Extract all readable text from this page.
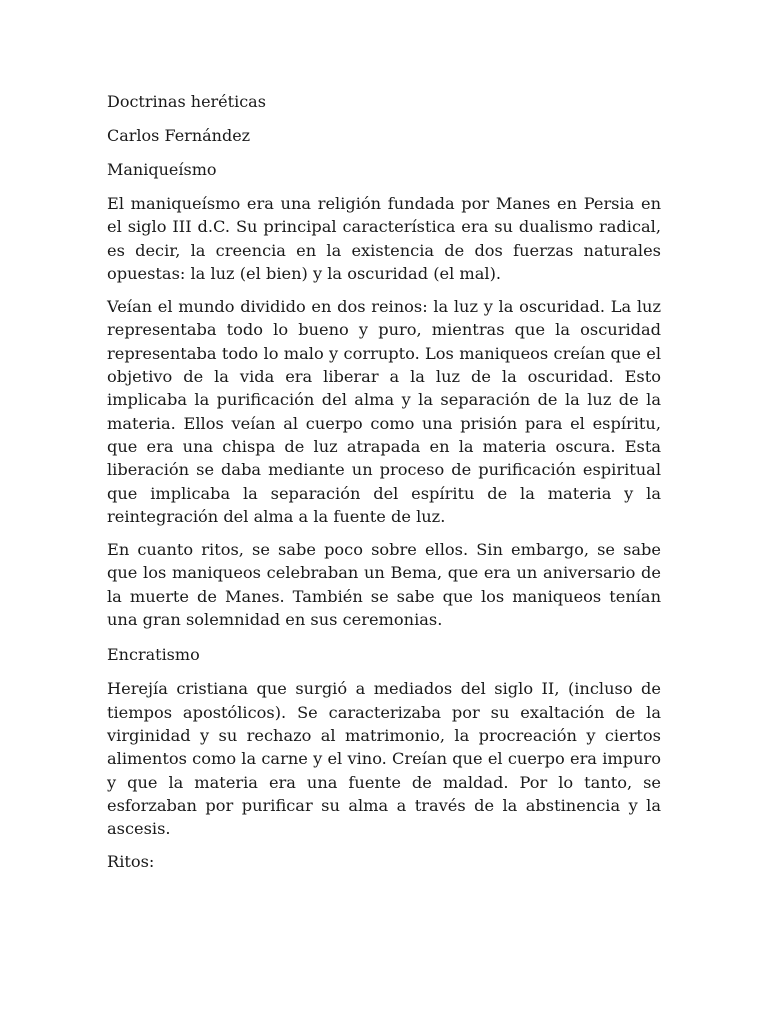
Doctrinas heréticas
Carlos Fernández
Maniqueísmo

El maniqueísmo era una religión fundada por Manes en Persia en el siglo III d.C. Su principal característica era su dualismo radical, es decir, la creencia en la existencia de dos fuerzas naturales opuestas: la luz (el bien) y la oscuridad (el mal).

Veían el mundo dividido en dos reinos: la luz y la oscuridad. La luz representaba todo lo bueno y puro, mientras que la oscuridad representaba todo lo malo y corrupto. Los maniqueos creían que el objetivo de la vida era liberar a la luz de la oscuridad. Esto implicaba la purificación del alma y la separación de la luz de la materia. Ellos veían al cuerpo como una prisión para el espíritu, que era una chispa de luz atrapada en la materia oscura. Esta liberación se daba mediante un proceso de purificación espiritual que implicaba la separación del espíritu de la materia y la reintegración del alma a la fuente de luz.

En cuanto ritos, se sabe poco sobre ellos. Sin embargo, se sabe que los maniqueos celebraban un Bema, que era un aniversario de la muerte de Manes. También se sabe que los maniqueos tenían una gran solemnidad en sus ceremonias.

Encratismo

Herejía cristiana que surgió a mediados del siglo II, (incluso de tiempos apostólicos). Se caracterizaba por su exaltación de la virginidad y su rechazo al matrimonio, la procreación y ciertos alimentos como la carne y el vino. Creían que el cuerpo era impuro y que la materia era una fuente de maldad. Por lo tanto, se esforzaban por purificar su alma a través de la abstinencia y la ascesis.

Ritos:
